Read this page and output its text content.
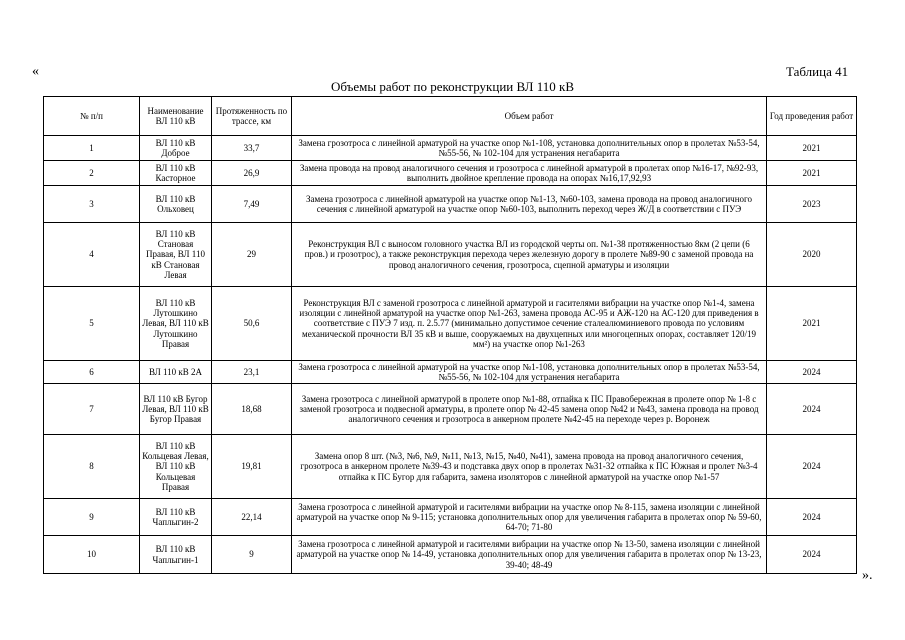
«	Таблица 41
Объемы работ по реконструкции ВЛ 110 кВ
№ п/п	Наименование ВЛ 110 кВ	Протяженность по трассе, км	Объем работ	Год проведения работ
1	ВЛ 110 кВ Доброе	33,7	Замена грозотроса с линейной арматурой на участке опор №1-108, установка дополнительных опор в пролетах №53-54, №55-56, № 102-104 для устранения негабарита	2021
2	ВЛ 110 кВ Касторное	26,9	Замена провода на провод аналогичного сечения и грозотроса с линейной арматурой в пролетах опор №16-17, №92-93, выполнить двойное крепление провода на опорах №16,17,92,93	2021
3	ВЛ 110 кВ Ольховец	7,49	Замена грозотроса с линейной арматурой на участке опор №1-13, №60-103, замена провода на провод аналогичного сечения с линейной арматурой на участке опор №60-103, выполнить переход через Ж/Д в соответствии с ПУЭ	2023
4	ВЛ 110 кВ Становая Правая, ВЛ 110 кВ Становая Левая	29	Реконструкция ВЛ с выносом головного участка ВЛ из городской черты оп. №1-38 протяженностью 8км (2 цепи (6 пров.) и грозотрос), а также реконструкция перехода через железную дорогу в пролете №89-90 с заменой провода на провод аналогичного сечения, грозотроса, сцепной арматуры и изоляции	2020
5	ВЛ 110 кВ Лутошкино Левая, ВЛ 110 кВ Лутошкино Правая	50,6	Реконструкция ВЛ с заменой грозотроса с линейной арматурой и гасителями вибрации на участке опор №1-4, замена изоляции с линейной арматурой на участке опор №1-263, замена провода АС-95 и АЖ-120 на АС-120 для приведения в соответствие с ПУЭ 7 изд. п. 2.5.77 (минимально допустимое сечение сталеалюминиевого провода по условиям механической прочности ВЛ 35 кВ и выше, сооружаемых на двухцепных или многоцепных опорах, составляет 120/19 мм²) на участке опор №1-263	2021
6	ВЛ 110 кВ 2А	23,1	Замена грозотроса с линейной арматурой на участке опор №1-108, установка дополнительных опор в пролетах №53-54, №55-56, № 102-104 для устранения негабарита	2024
7	ВЛ 110 кВ Бугор Левая, ВЛ 110 кВ Бугор Правая	18,68	Замена грозотроса с линейной арматурой в пролете опор №1-88, отпайка к ПС Правобережная в пролете опор № 1-8 с заменой грозотроса и подвесной арматуры, в пролете опор № 42-45 замена опор №42 и №43, замена провода на провод аналогичного сечения и грозотроса в анкерном пролете №42-45 на переходе через р. Воронеж	2024
8	ВЛ 110 кВ Кольцевая Левая, ВЛ 110 кВ Кольцевая Правая	19,81	Замена опор 8 шт. (№3, №6, №9, №11, №13, №15, №40, №41), замена провода на провод аналогичного сечения, грозотроса в анкерном пролете №39-43 и подставка двух опор в пролетах №31-32 отпайка к ПС Южная и пролет №3-4 отпайка к ПС Бугор для габарита, замена изоляторов с линейной арматурой на участке опор №1-57	2024
9	ВЛ 110 кВ Чаплыгин-2	22,14	Замена грозотроса с линейной арматурой и гасителями вибрации на участке опор № 8-115, замена изоляции с линейной арматурой на участке опор № 9-115; установка дополнительных опор для увеличения габарита в пролетах опор № 59-60, 64-70; 71-80	2024
10	ВЛ 110 кВ Чаплыгин-1	9	Замена грозотроса с линейной арматурой и гасителями вибрации на участке опор № 13-50, замена изоляции с линейной арматурой на участке опор № 14-49, установка дополнительных опор для увеличения габарита в пролетах опор № 13-23, 39-40; 48-49	2024
».
